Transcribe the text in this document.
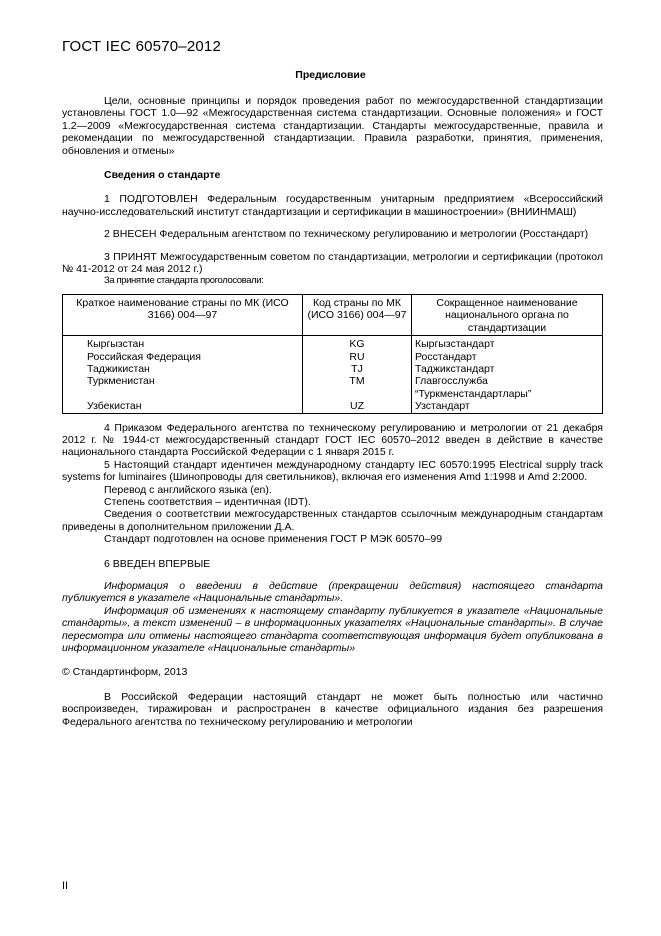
ГОСТ IEC 60570–2012
Предисловие

Цели, основные принципы и порядок проведения работ по межгосударственной стандартизации установлены ГОСТ 1.0—92 «Межгосударственная система стандартизации. Основные положения» и ГОСТ 1.2—2009 «Межгосударственная система стандартизации. Стандарты межгосударственные, правила и рекомендации по межгосударственной стандартизации. Правила разработки, принятия, применения, обновления и отмены»

Сведения о стандарте

1 ПОДГОТОВЛЕН Федеральным государственным унитарным предприятием «Всероссийский научно-исследовательский институт стандартизации и сертификации в машиностроении» (ВНИИНМАШ)

2 ВНЕСЕН Федеральным агентством по техническому регулированию и метрологии (Росстандарт)

3 ПРИНЯТ Межгосударственным советом по стандартизации, метрологии и сертификации (протокол № 41-2012 от 24 мая 2012 г.)

За принятие стандарта проголосовали:

Краткое наименование страны по МК (ИСО 3166) 004—97	Код страны по МК (ИСО 3166) 004—97	Сокращенное наименование национального органа по стандартизации
Кыргызстан	KG	Кыргызстандарт
Российская Федерация	RU	Росстандарт
Таджикистан	TJ	Таджикстандарт
Туркменистан	TM	Главгосслужба
“Туркменстандартлары”
Узбекистан	UZ	Узстандарт

4 Приказом Федерального агентства по техническому регулированию и метрологии от 21 декабря 2012 г. № 1944-ст межгосударственный стандарт ГОСТ IEC 60570–2012 введен в действие в качестве национального стандарта Российской Федерации с 1 января 2015 г.

5 Настоящий стандарт идентичен международному стандарту IEC 60570:1995 Electrical supply track systems for luminaires (Шинопроводы для светильников), включая его изменения Amd 1:1998 и Amd 2:2000.

Перевод с английского языка (en).

Степень соответствия – идентичная (IDT).

Сведения о соответствии межгосударственных стандартов ссылочным международным стандартам приведены в дополнительном приложении Д.А.

Стандарт подготовлен на основе применения ГОСТ Р МЭК 60570–99

6 ВВЕДЕН ВПЕРВЫЕ

Информация о введении в действие (прекращении действия) настоящего стандарта публикуется в указателе «Национальные стандарты».

Информация об изменениях к настоящему стандарту публикуется в указателе «Национальные стандарты», а текст изменений – в информационных указателях «Национальные стандарты». В случае пересмотра или отмены настоящего стандарта соответствующая информация будет опубликована в информационном указателе «Национальные стандарты»

© Стандартинформ, 2013

В Российской Федерации настоящий стандарт не может быть полностью или частично воспроизведен, тиражирован и распространен в качестве официального издания без разрешения Федерального агентства по техническому регулированию и метрологии

II
